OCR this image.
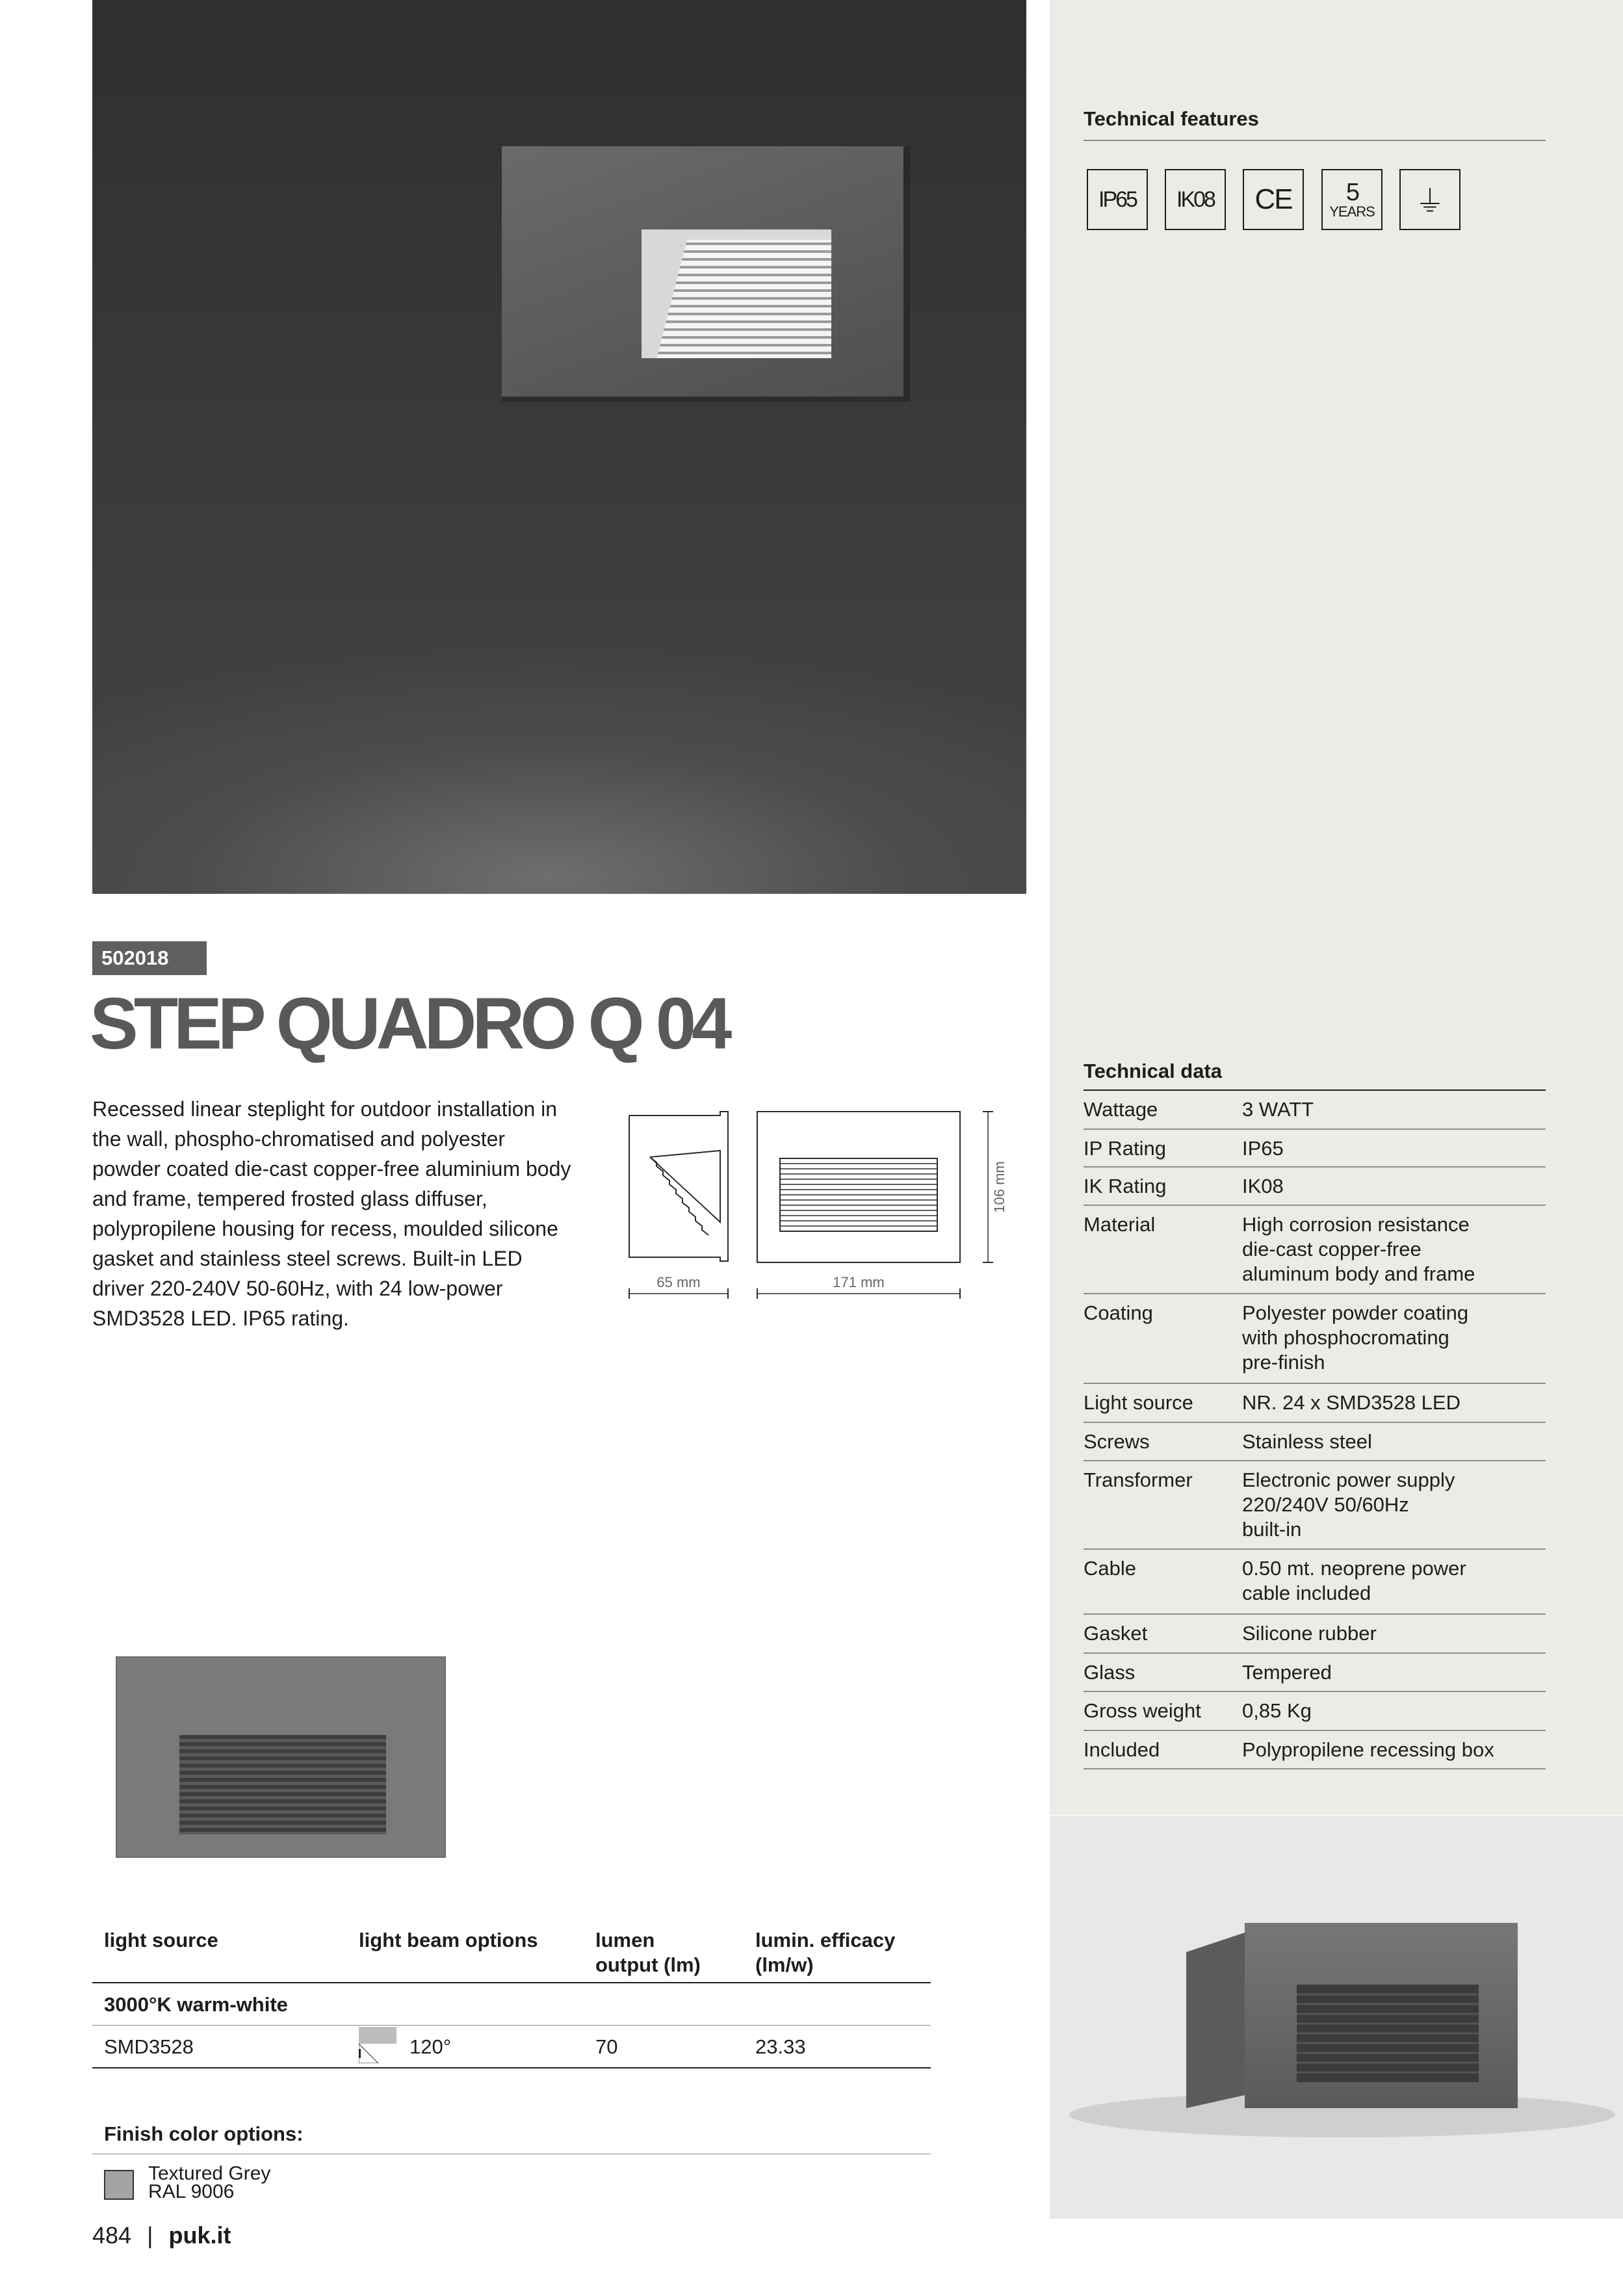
502018
STEP QUADRO Q 04
Recessed linear steplight for outdoor installation in the wall, phospho-chromatised and polyester powder coated die-cast copper-free aluminium body and frame, tempered frosted glass diffuser, polypropilene housing for recess, moulded silicone gasket and stainless steel screws. Built-in LED driver 220-240V 50-60Hz, with 24 low-power SMD3528 LED. IP65 rating.
65 mm	171 mm
106 mm
light source	light beam options	lumen
output (lm)
lumin. efficacy
(lm/w)
3000°K warm-white
SMD3528	120°	70	23.33
Finish color options:
Textured Grey
RAL 9006
484 | puk.it
Technical features
IP65	IK08	CE	5
YEARS	⏚
Technical data
Wattage	3 WATT
IP Rating	IP65
IK Rating	IK08
Material	High corrosion resistance
die-cast copper-free
aluminum body and frame
Coating	Polyester powder coating
with phosphocromating
pre-finish
Light source NR. 24 x SMD3528 LED
Screws	Stainless steel
Transformer Electronic power supply
220/240V 50/60Hz
built-in
Cable	0.50 mt. neoprene power
cable included
Gasket	Silicone rubber
Glass	Tempered
Gross weight 0,85 Kg
Included	Polypropilene recessing box
